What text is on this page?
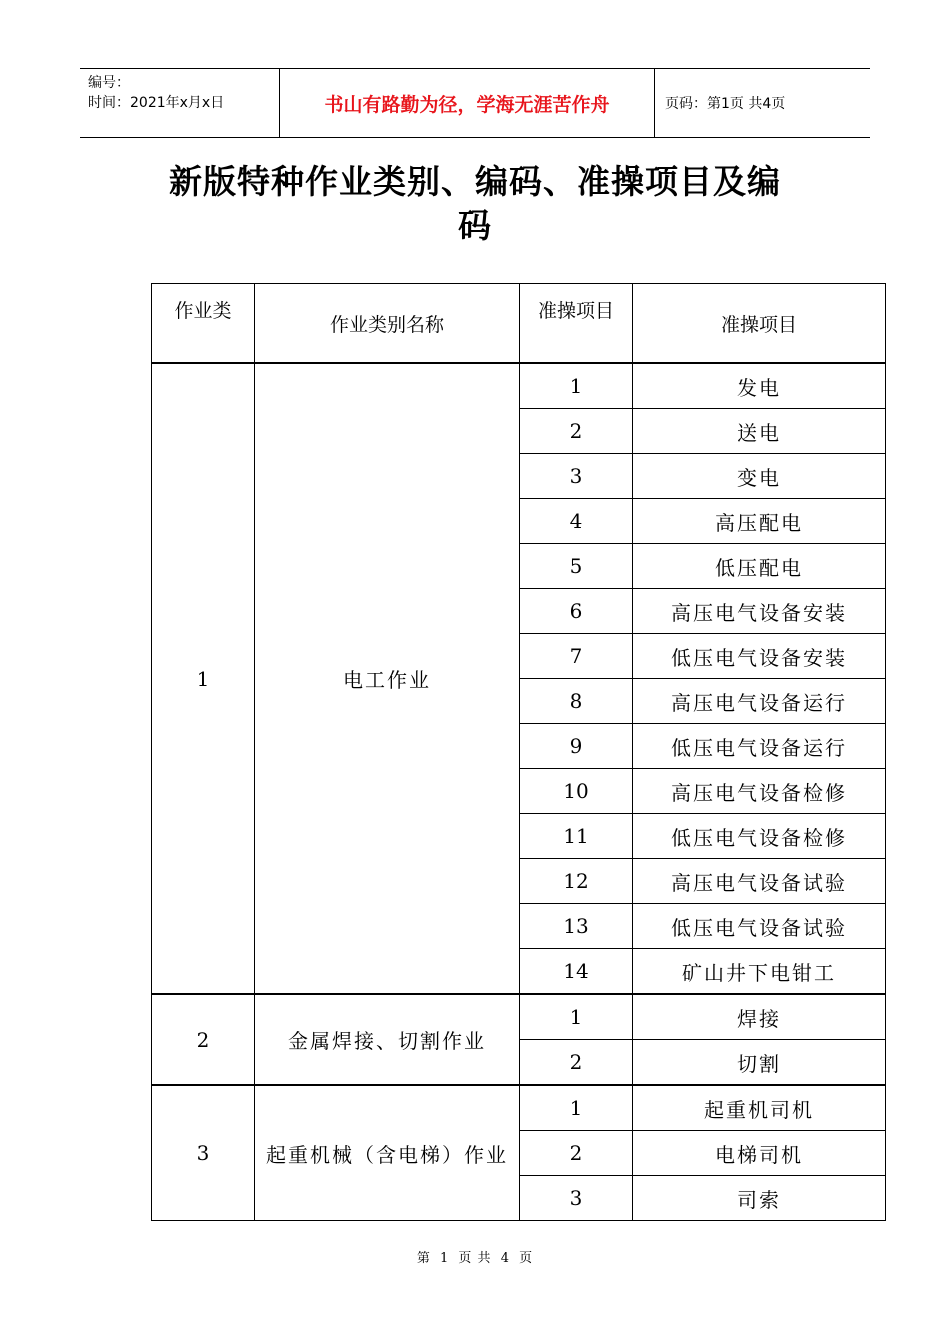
编号：
时间：2021年x月x日	书山有路勤为径，学海无涯苦作舟	页码：第1页 共4页
新版特种作业类别、编码、准操项目及编
码
作业类	作业类别名称	准操项目	准操项目
1	电工作业	1	发电
		2	送电
		3	变电
		4	高压配电
		5	低压配电
		6	高压电气设备安装
		7	低压电气设备安装
		8	高压电气设备运行
		9	低压电气设备运行
		10	高压电气设备检修
		11	低压电气设备检修
		12	高压电气设备试验
		13	低压电气设备试验
		14	矿山井下电钳工
2	金属焊接、切割作业	1	焊接
		2	切割
3	起重机械（含电梯）作业	1	起重机司机
		2	电梯司机
		3	司索
第 1 页 共 4 页
